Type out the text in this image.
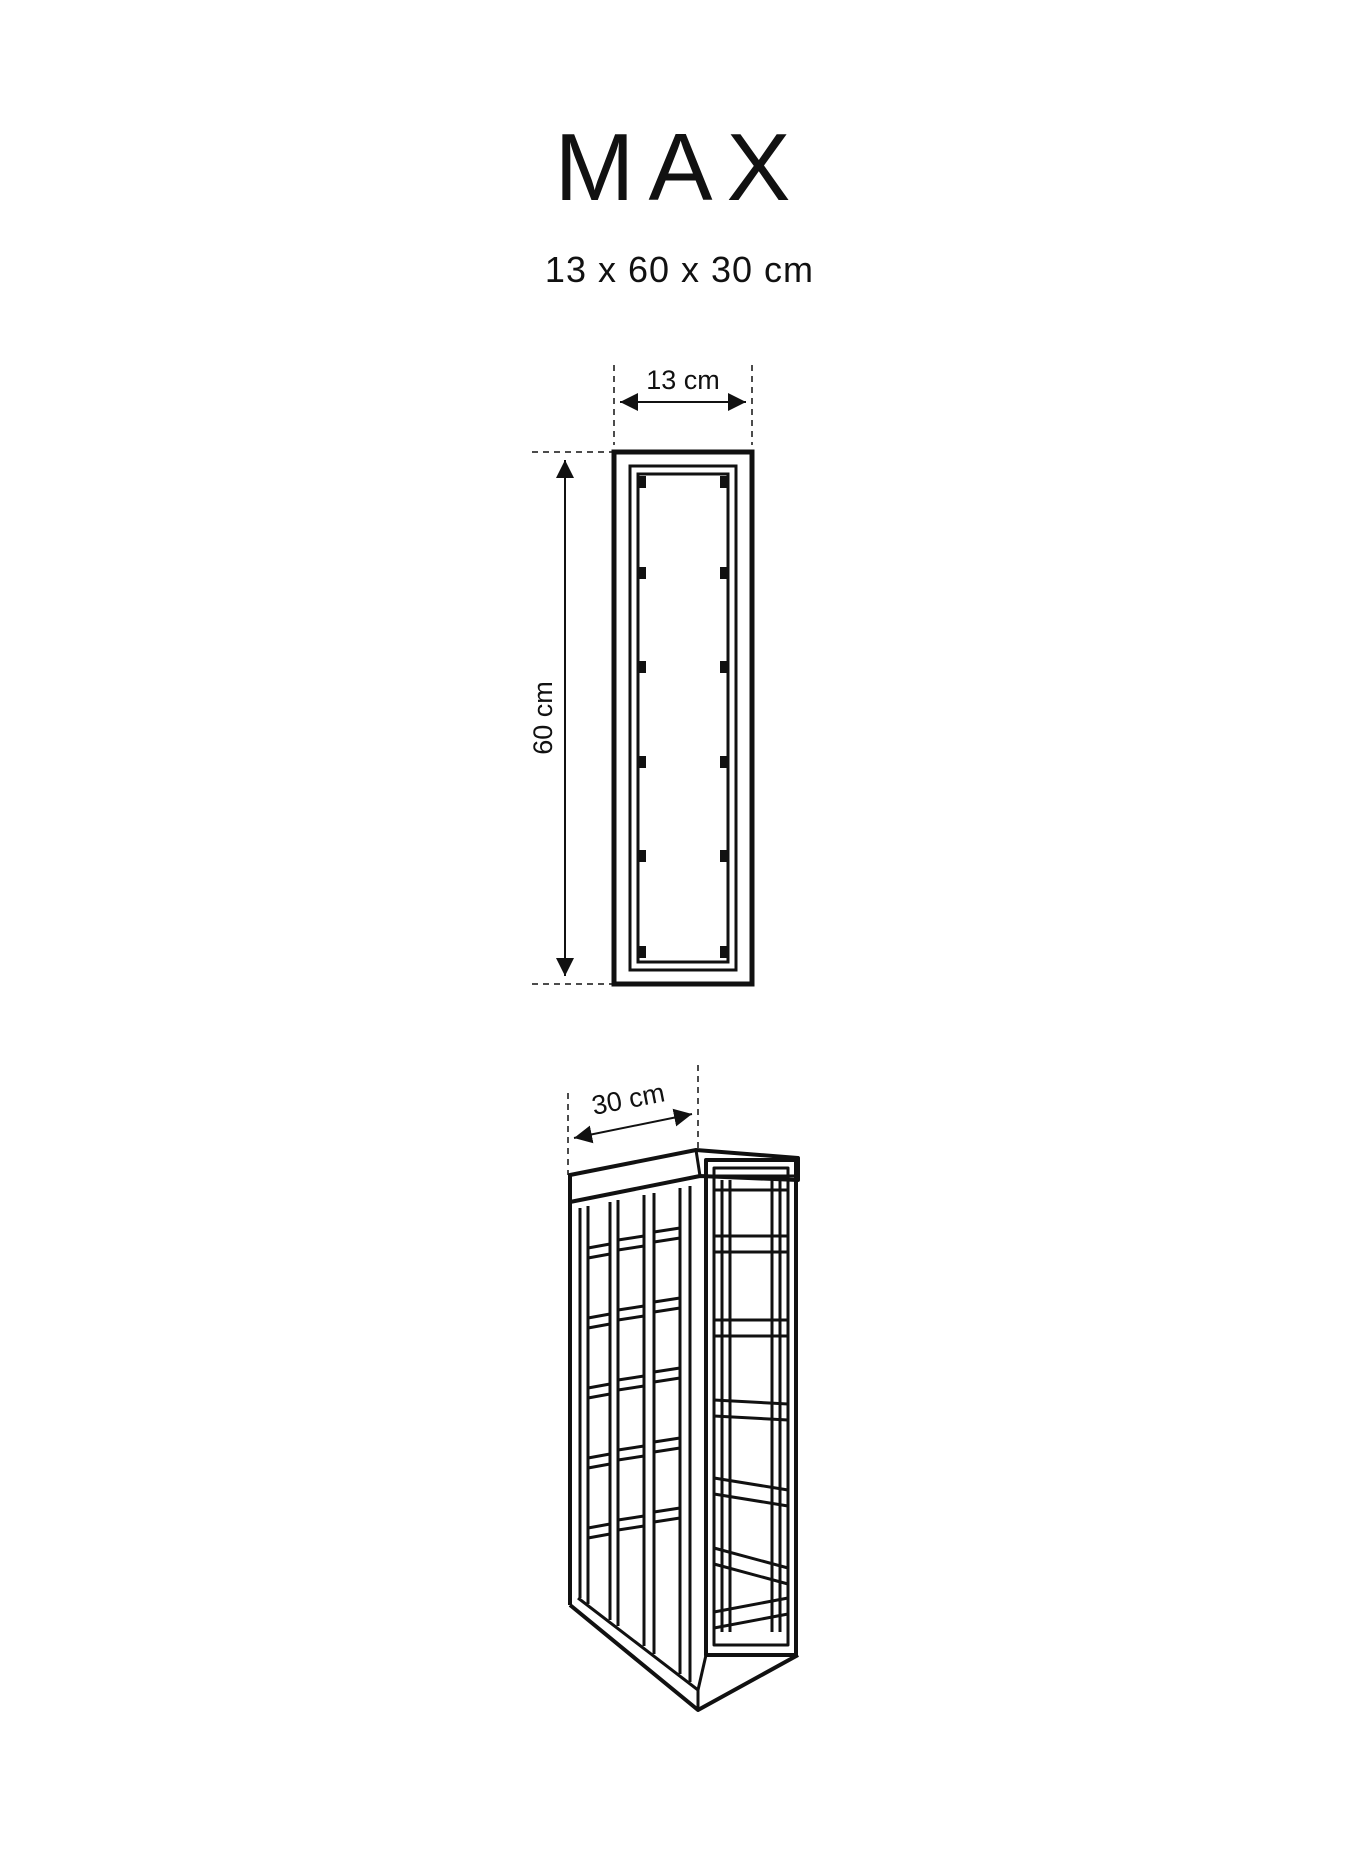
MAX
13 x 60 x 30 cm
13 cm
60 cm
30 cm
